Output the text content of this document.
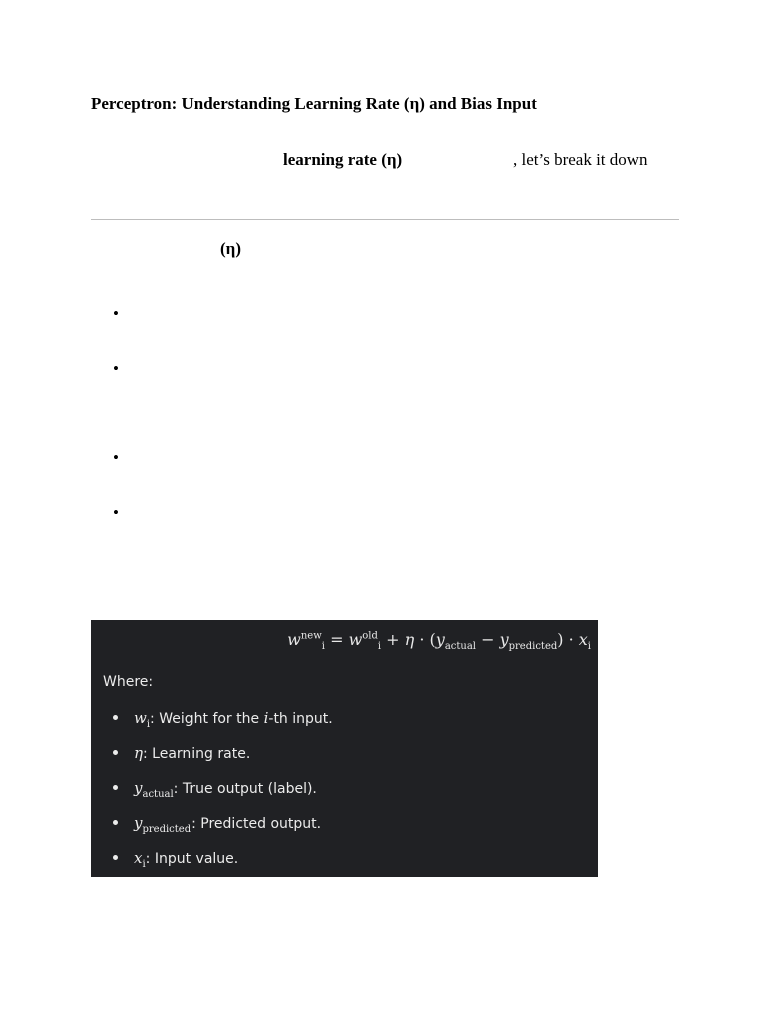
Perceptron: Understanding Learning Rate (η) and Bias Input
learning rate (η)	, let’s break it down
(η)
•
•
•
•
$w^{new}_i = w^{old}_i + \eta \cdot (y_{actual} - y_{predicted}) \cdot x_i$
Where:
$w_i$: Weight for the i-th input.
η: Learning rate.
$y_{actual}$: True output (label).
$y_{predicted}$: Predicted output.
$x_i$: Input value.
